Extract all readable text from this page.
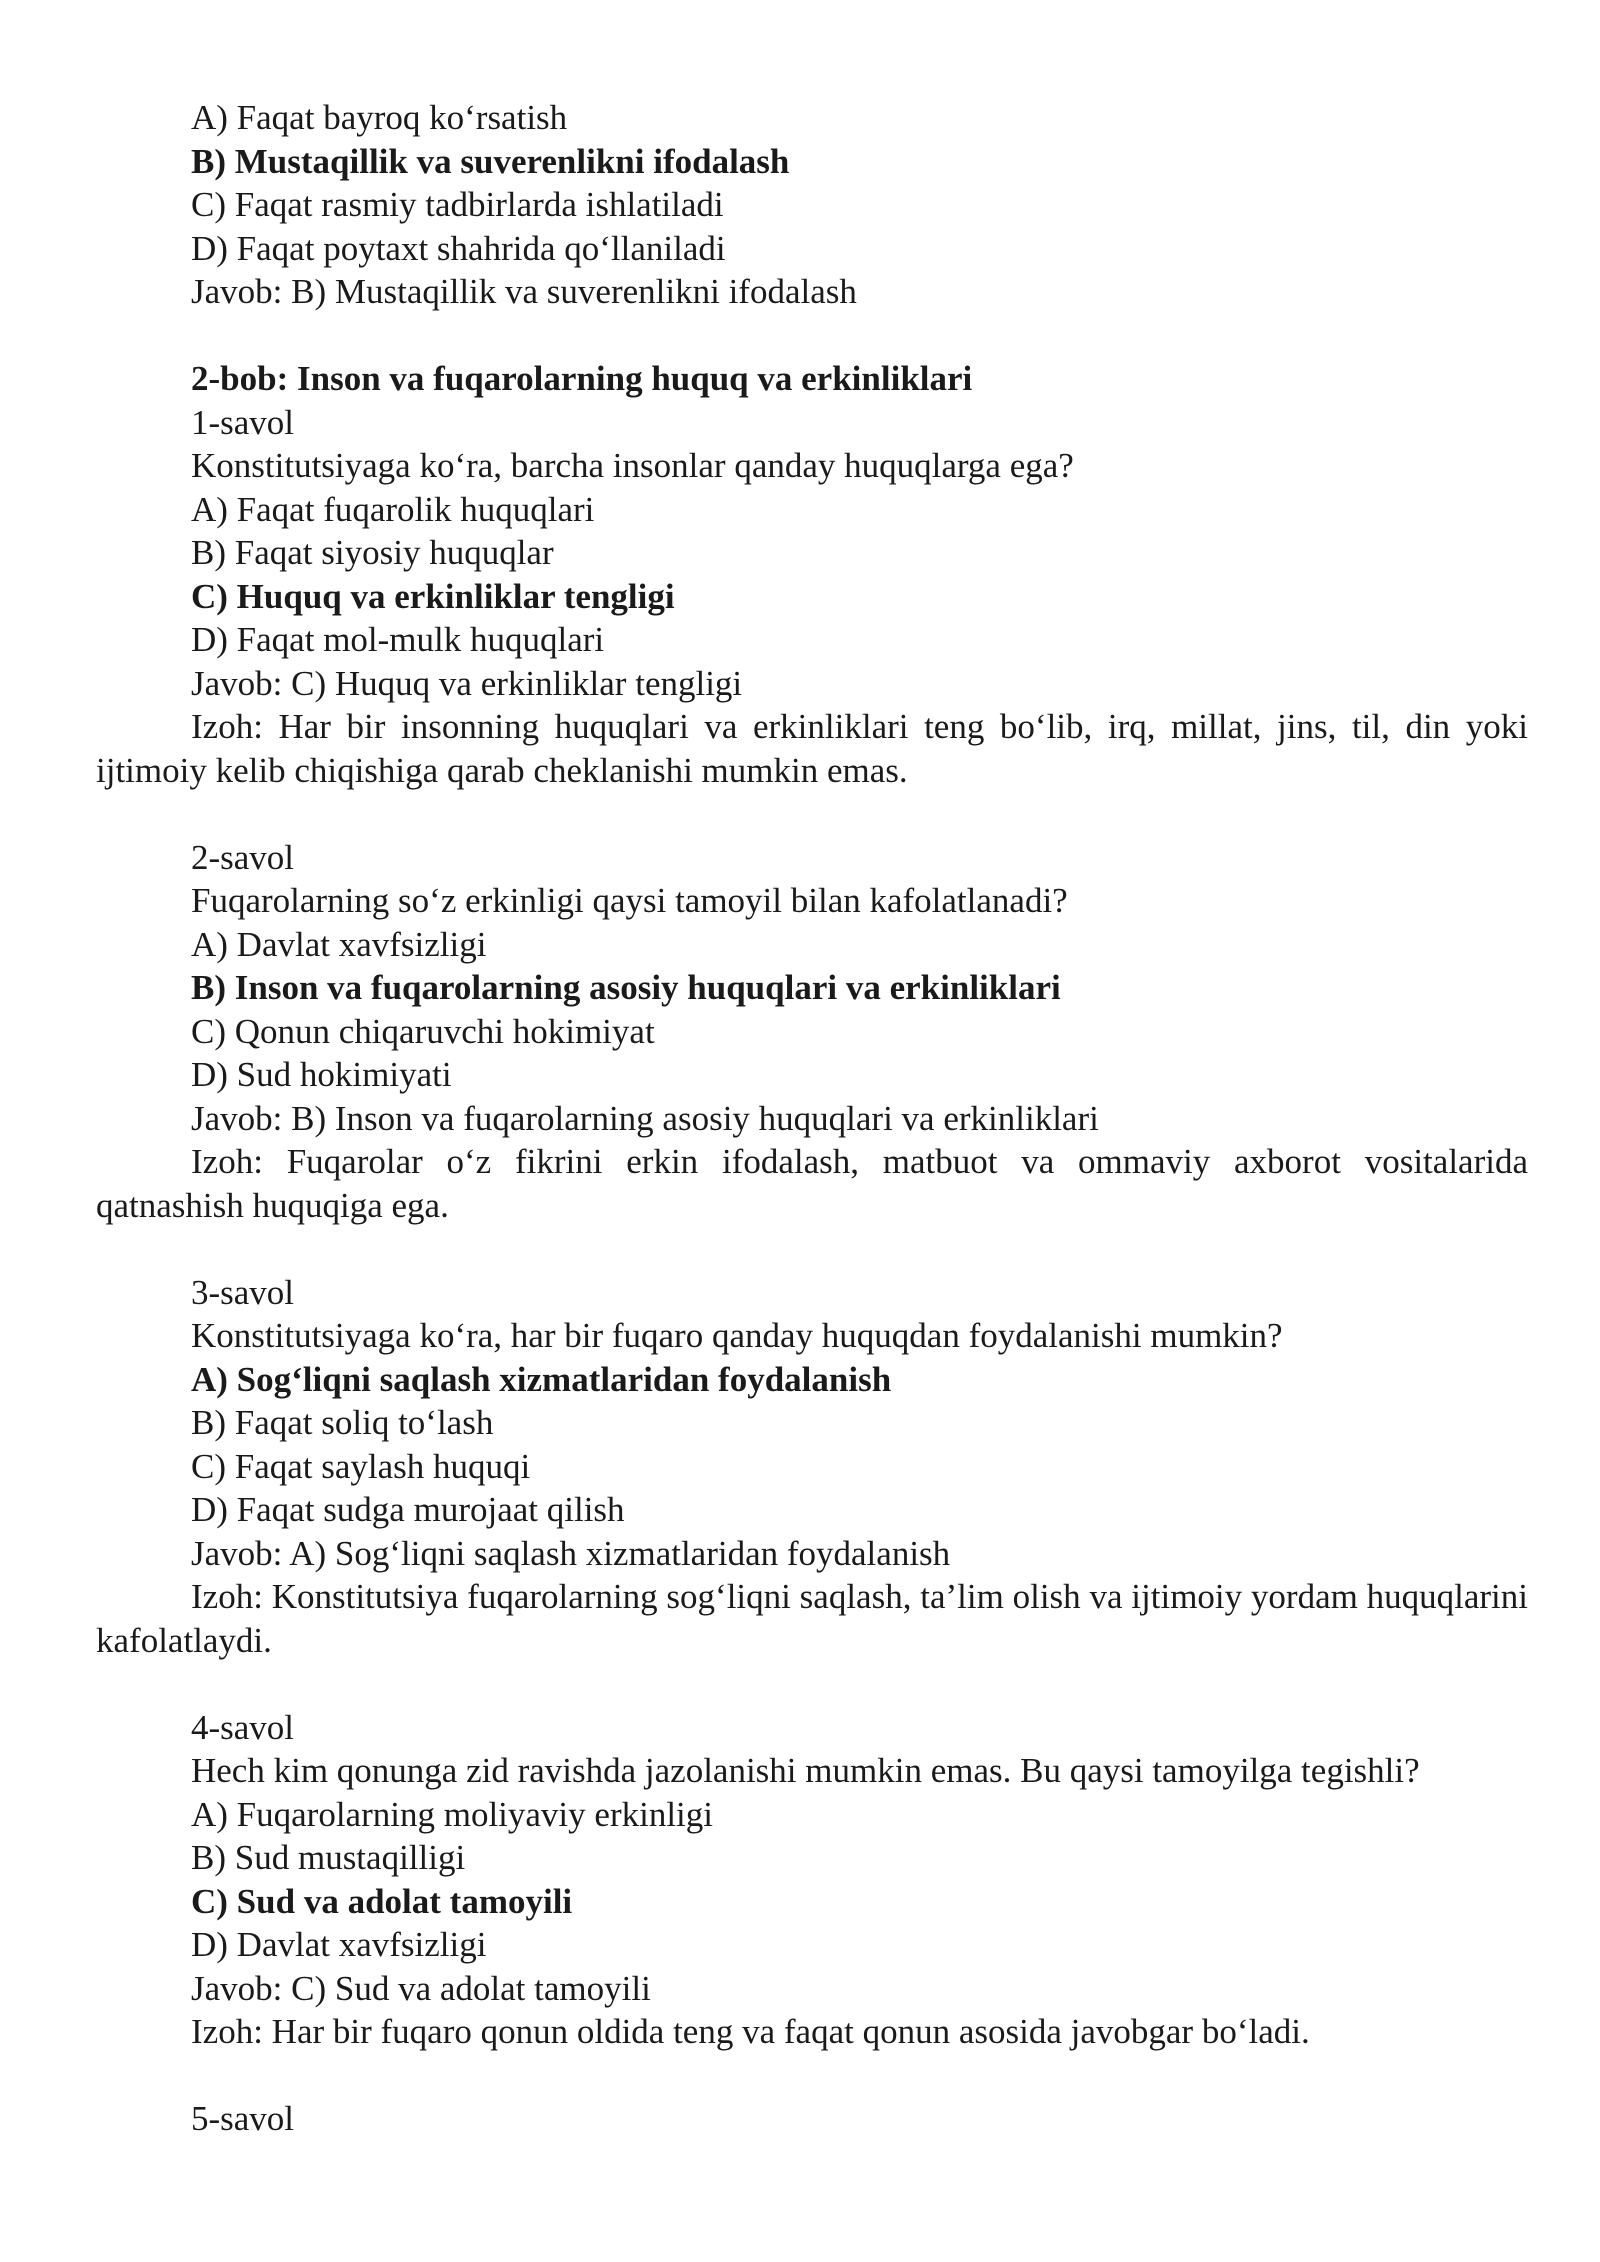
A) Faqat bayroq ko‘rsatish
B) Mustaqillik va suverenlikni ifodalash
C) Faqat rasmiy tadbirlarda ishlatiladi
D) Faqat poytaxt shahrida qo‘llaniladi
Javob: B) Mustaqillik va suverenlikni ifodalash
2-bob: Inson va fuqarolarning huquq va erkinliklari
1-savol
Konstitutsiyaga ko‘ra, barcha insonlar qanday huquqlarga ega?
A) Faqat fuqarolik huquqlari
B) Faqat siyosiy huquqlar
C) Huquq va erkinliklar tengligi
D) Faqat mol-mulk huquqlari
Javob: C) Huquq va erkinliklar tengligi
Izoh: Har bir insonning huquqlari va erkinliklari teng bo‘lib, irq, millat, jins, til, din yoki ijtimoiy kelib chiqishiga qarab cheklanishi mumkin emas.
2-savol
Fuqarolarning so‘z erkinligi qaysi tamoyil bilan kafolatlanadi?
A) Davlat xavfsizligi
B) Inson va fuqarolarning asosiy huquqlari va erkinliklari
C) Qonun chiqaruvchi hokimiyat
D) Sud hokimiyati
Javob: B) Inson va fuqarolarning asosiy huquqlari va erkinliklari
Izoh: Fuqarolar o‘z fikrini erkin ifodalash, matbuot va ommaviy axborot vositalarida qatnashish huquqiga ega.
3-savol
Konstitutsiyaga ko‘ra, har bir fuqaro qanday huquqdan foydalanishi mumkin?
A) Sog‘liqni saqlash xizmatlaridan foydalanish
B) Faqat soliq to‘lash
C) Faqat saylash huquqi
D) Faqat sudga murojaat qilish
Javob: A) Sog‘liqni saqlash xizmatlaridan foydalanish
Izoh: Konstitutsiya fuqarolarning sog‘liqni saqlash, ta’lim olish va ijtimoiy yordam huquqlarini kafolatlaydi.
4-savol
Hech kim qonunga zid ravishda jazolanishi mumkin emas. Bu qaysi tamoyilga tegishli?
A) Fuqarolarning moliyaviy erkinligi
B) Sud mustaqilligi
C) Sud va adolat tamoyili
D) Davlat xavfsizligi
Javob: C) Sud va adolat tamoyili
Izoh: Har bir fuqaro qonun oldida teng va faqat qonun asosida javobgar bo‘ladi.
5-savol
